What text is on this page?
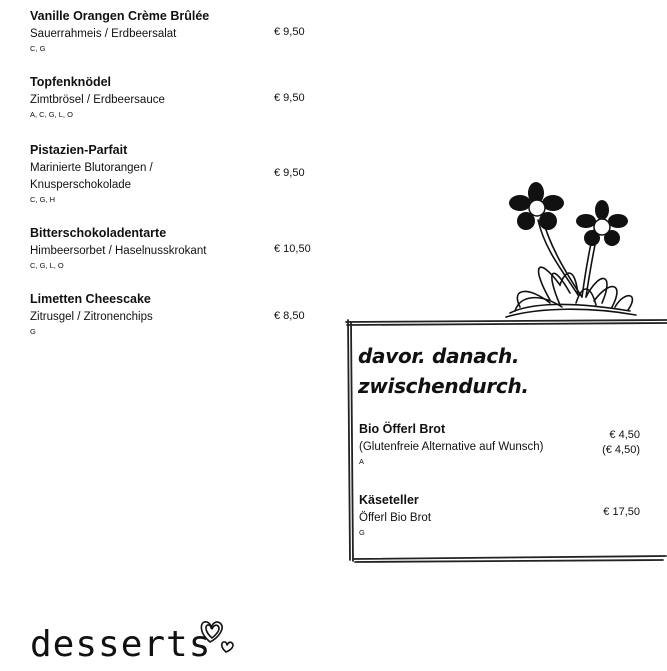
Vanille Orangen Crème Brûlée
Sauerrahmeis / Erdbeersalat
C, G
€ 9,50
Topfenknödel
Zimtbrösel / Erdbeersauce
A, C, G, L, O
€ 9,50
Pistazien-Parfait
Marinierte Blutorangen /
Knusperschokolade
C, G, H
€ 9,50
Bitterschokoladentarte
Himbeersorbet / Haselnusskrokant
C, G, L, O
€ 10,50
Limetten Cheescake
Zitrusgel / Zitronenchips
G
€ 8,50
davor. danach.
zwischendurch.
Bio Öfferl Brot
(Glutenfreie Alternative auf Wunsch)
A
€ 4,50
(€ 4,50)
Käseteller
Öfferl Bio Brot
G
€ 17,50
desserts
